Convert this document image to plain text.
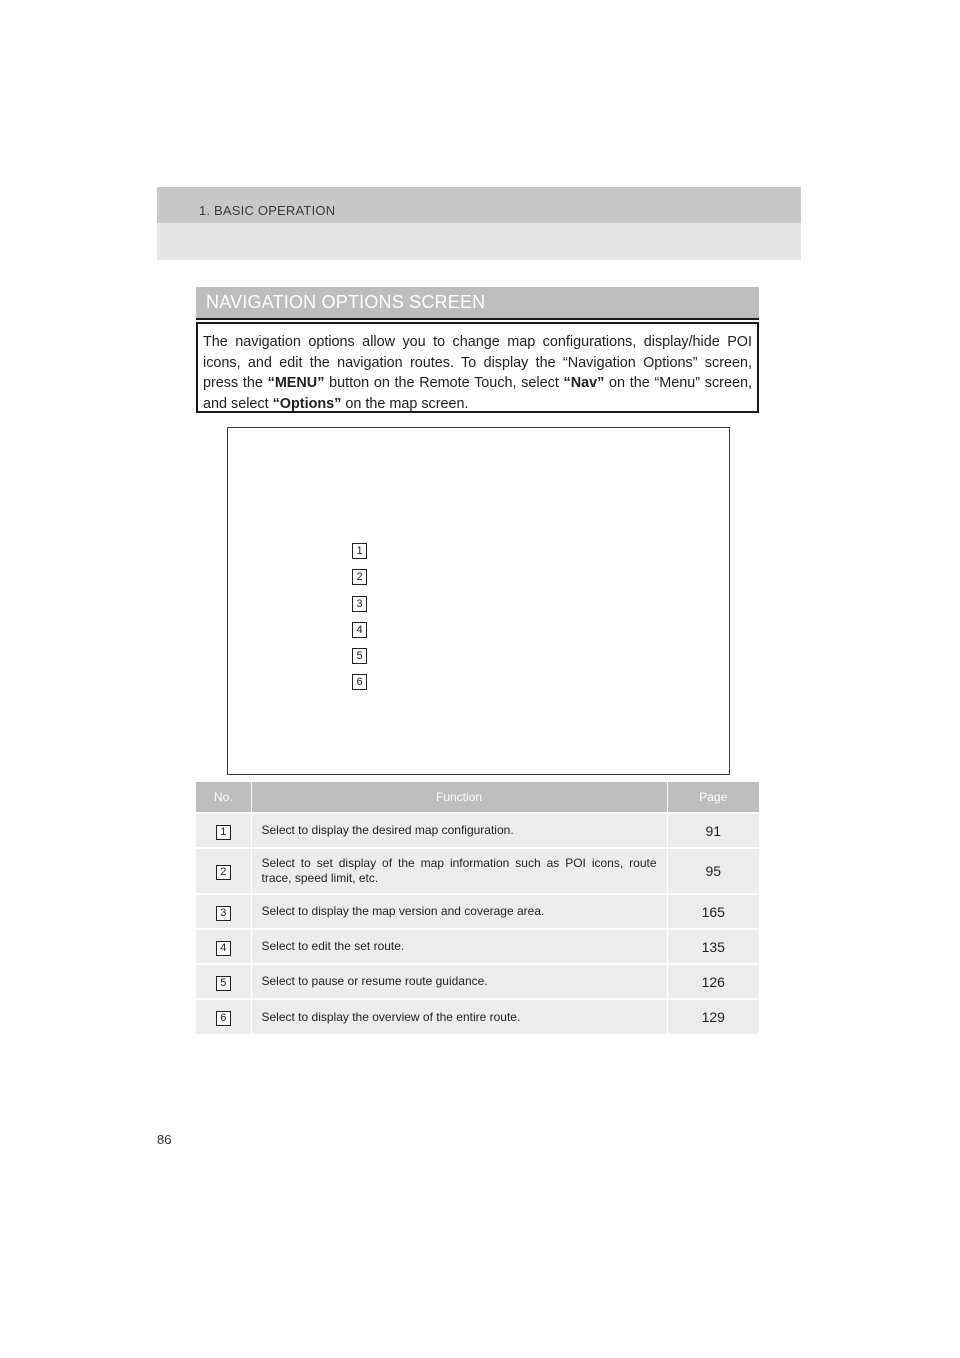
1. BASIC OPERATION
NAVIGATION OPTIONS SCREEN

The navigation options allow you to change map configurations, display/hide POI icons, and edit the navigation routes. To display the “Navigation Options” screen, press the “MENU” button on the Remote Touch, select “Nav” on the “Menu” screen, and select “Options” on the map screen.

1
2
3
4
5
6
No.	Function	Page
1	Select to display the desired map configuration.	91
2	Select to set display of the map information such as POI icons, route trace, speed limit, etc.	95
3	Select to display the map version and coverage area.	165
4	Select to edit the set route.	135
5	Select to pause or resume route guidance.	126
6	Select to display the overview of the entire route.	129
86
